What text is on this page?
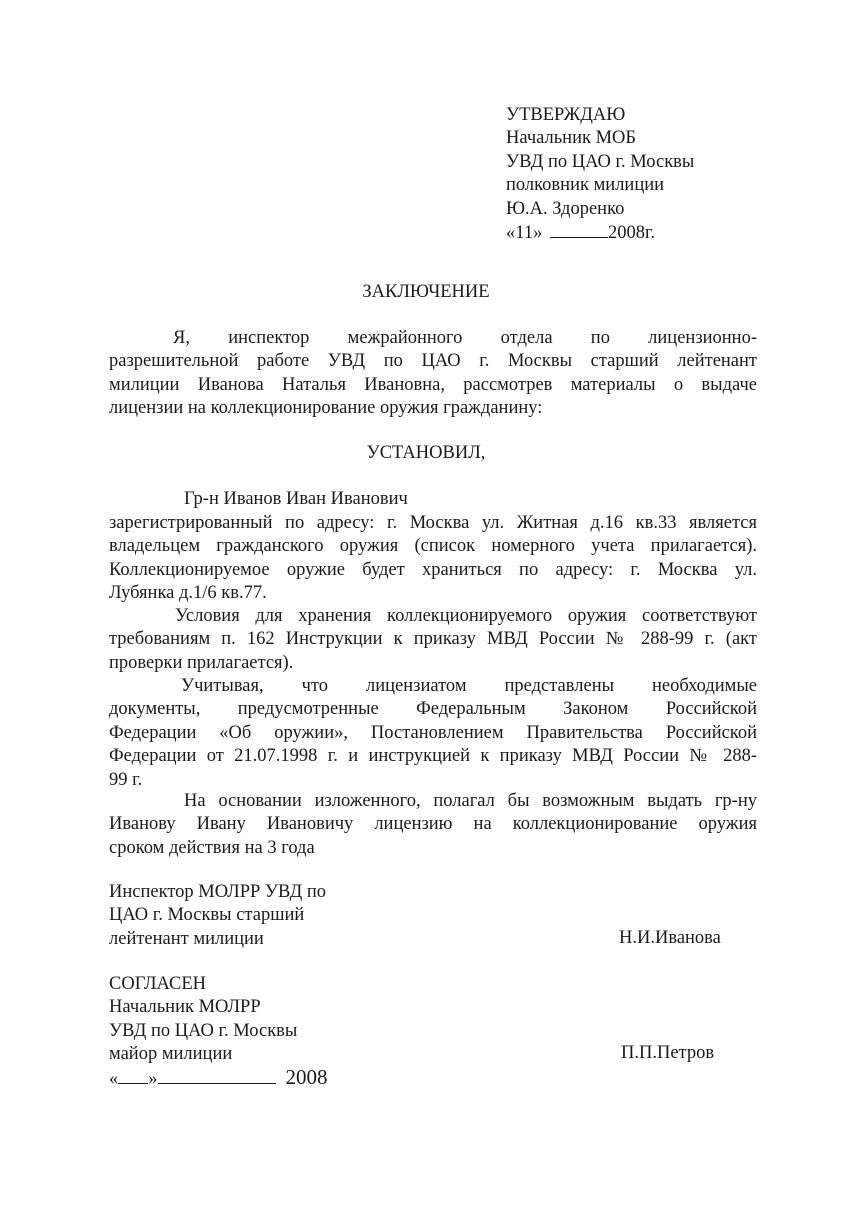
УТВЕРЖДАЮ
Начальник МОБ
УВД по ЦАО г. Москвы
полковник милиции
Ю.А. Здоренко
«11»	2008г.
ЗАКЛЮЧЕНИЕ
Я, инспектор межрайонного отдела по лицензионно-
разрешительной работе УВД по ЦАО г. Москвы старший лейтенант
милиции Иванова Наталья Ивановна, рассмотрев материалы о выдаче
лицензии на коллекционирование оружия гражданину:
УСТАНОВИЛ,
Гр-н Иванов Иван Иванович
зарегистрированный по адресу: г. Москва ул. Житная д.16 кв.33 является
владельцем гражданского оружия (список номерного учета прилагается).
Коллекционируемое оружие будет храниться по адресу: г. Москва ул.
Лубянка д.1/6 кв.77.
Условия для хранения коллекционируемого оружия соответствуют
требованиям п. 162 Инструкции к приказу МВД России № 288-99 г. (акт
проверки прилагается).
Учитывая, что лицензиатом представлены необходимые
документы, предусмотренные Федеральным Законом Российской
Федерации «Об оружии», Постановлением Правительства Российской
Федерации от 21.07.1998 г. и инструкцией к приказу МВД России № 288-
99 г.
На основании изложенного, полагал бы возможным выдать гр-ну
Иванову Ивану Ивановичу лицензию на коллекционирование оружия
сроком действия на 3 года
Инспектор МОЛРР УВД по
ЦАО г. Москвы старший
лейтенант милиции	Н.И.Иванова
СОГЛАСЕН
Начальник МОЛРР
УВД по ЦАО г. Москвы
майор милиции	П.П.Петров
« »	2008
